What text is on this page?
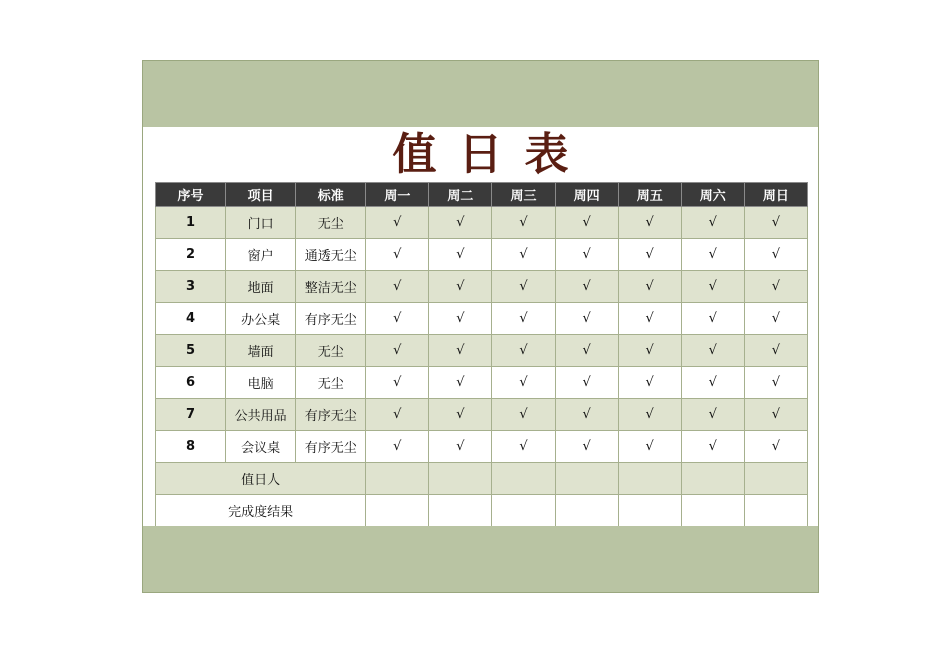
值日表
序号	项目	标准	周一	周二	周三	周四	周五	周六	周日
1	门口	无尘	√	√	√	√	√	√	√
2	窗户	通透无尘	√	√	√	√	√	√	√
3	地面	整洁无尘	√	√	√	√	√	√	√
4	办公桌	有序无尘	√	√	√	√	√	√	√
5	墙面	无尘	√	√	√	√	√	√	√
6	电脑	无尘	√	√	√	√	√	√	√
7	公共用品	有序无尘	√	√	√	√	√	√	√
8	会议桌	有序无尘	√	√	√	√	√	√	√
值日人									
完成度结果									
